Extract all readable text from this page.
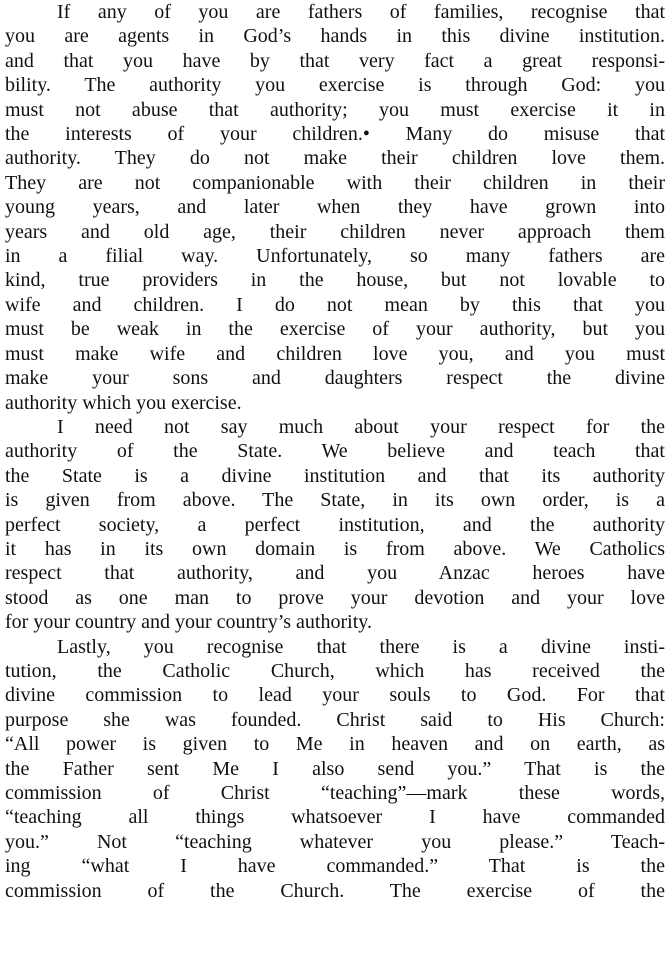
If any of you are fathers of families, recognise that
you are agents in God’s hands in this divine institution.
and that you have by that very fact a great responsi-
bility. The authority you exercise is through God: you
must not abuse that authority; you must exercise it in
the interests of your children.• Many do misuse that
authority. They do not make their children love them.
They are not companionable with their children in their
young years, and later when they have grown into
years and old age, their children never approach them
in a filial way. Unfortunately, so many fathers are
kind, true providers in the house, but not lovable to
wife and children. I do not mean by this that you
must be weak in the exercise of your authority, but you
must make wife and children love you, and you must
make your sons and daughters respect the divine
authority which you exercise.

I need not say much about your respect for the
authority of the State. We believe and teach that
the State is a divine institution and that its authority
is given from above. The State, in its own order, is a
perfect society, a perfect institution, and the authority
it has in its own domain is from above. We Catholics
respect that authority, and you Anzac heroes have
stood as one man to prove your devotion and your love
for your country and your country’s authority.

Lastly, you recognise that there is a divine insti-
tution, the Catholic Church, which has received the
divine commission to lead your souls to God. For that
purpose she was founded. Christ said to His Church:
“All power is given to Me in heaven and on earth, as
the Father sent Me I also send you.” That is the
commission of Christ “teaching”—mark these words,
“teaching all things whatsoever I have commanded
you.” Not “teaching whatever you please.” Teach-
ing “what I have commanded.” That is the
commission of the Church. The exercise of the
